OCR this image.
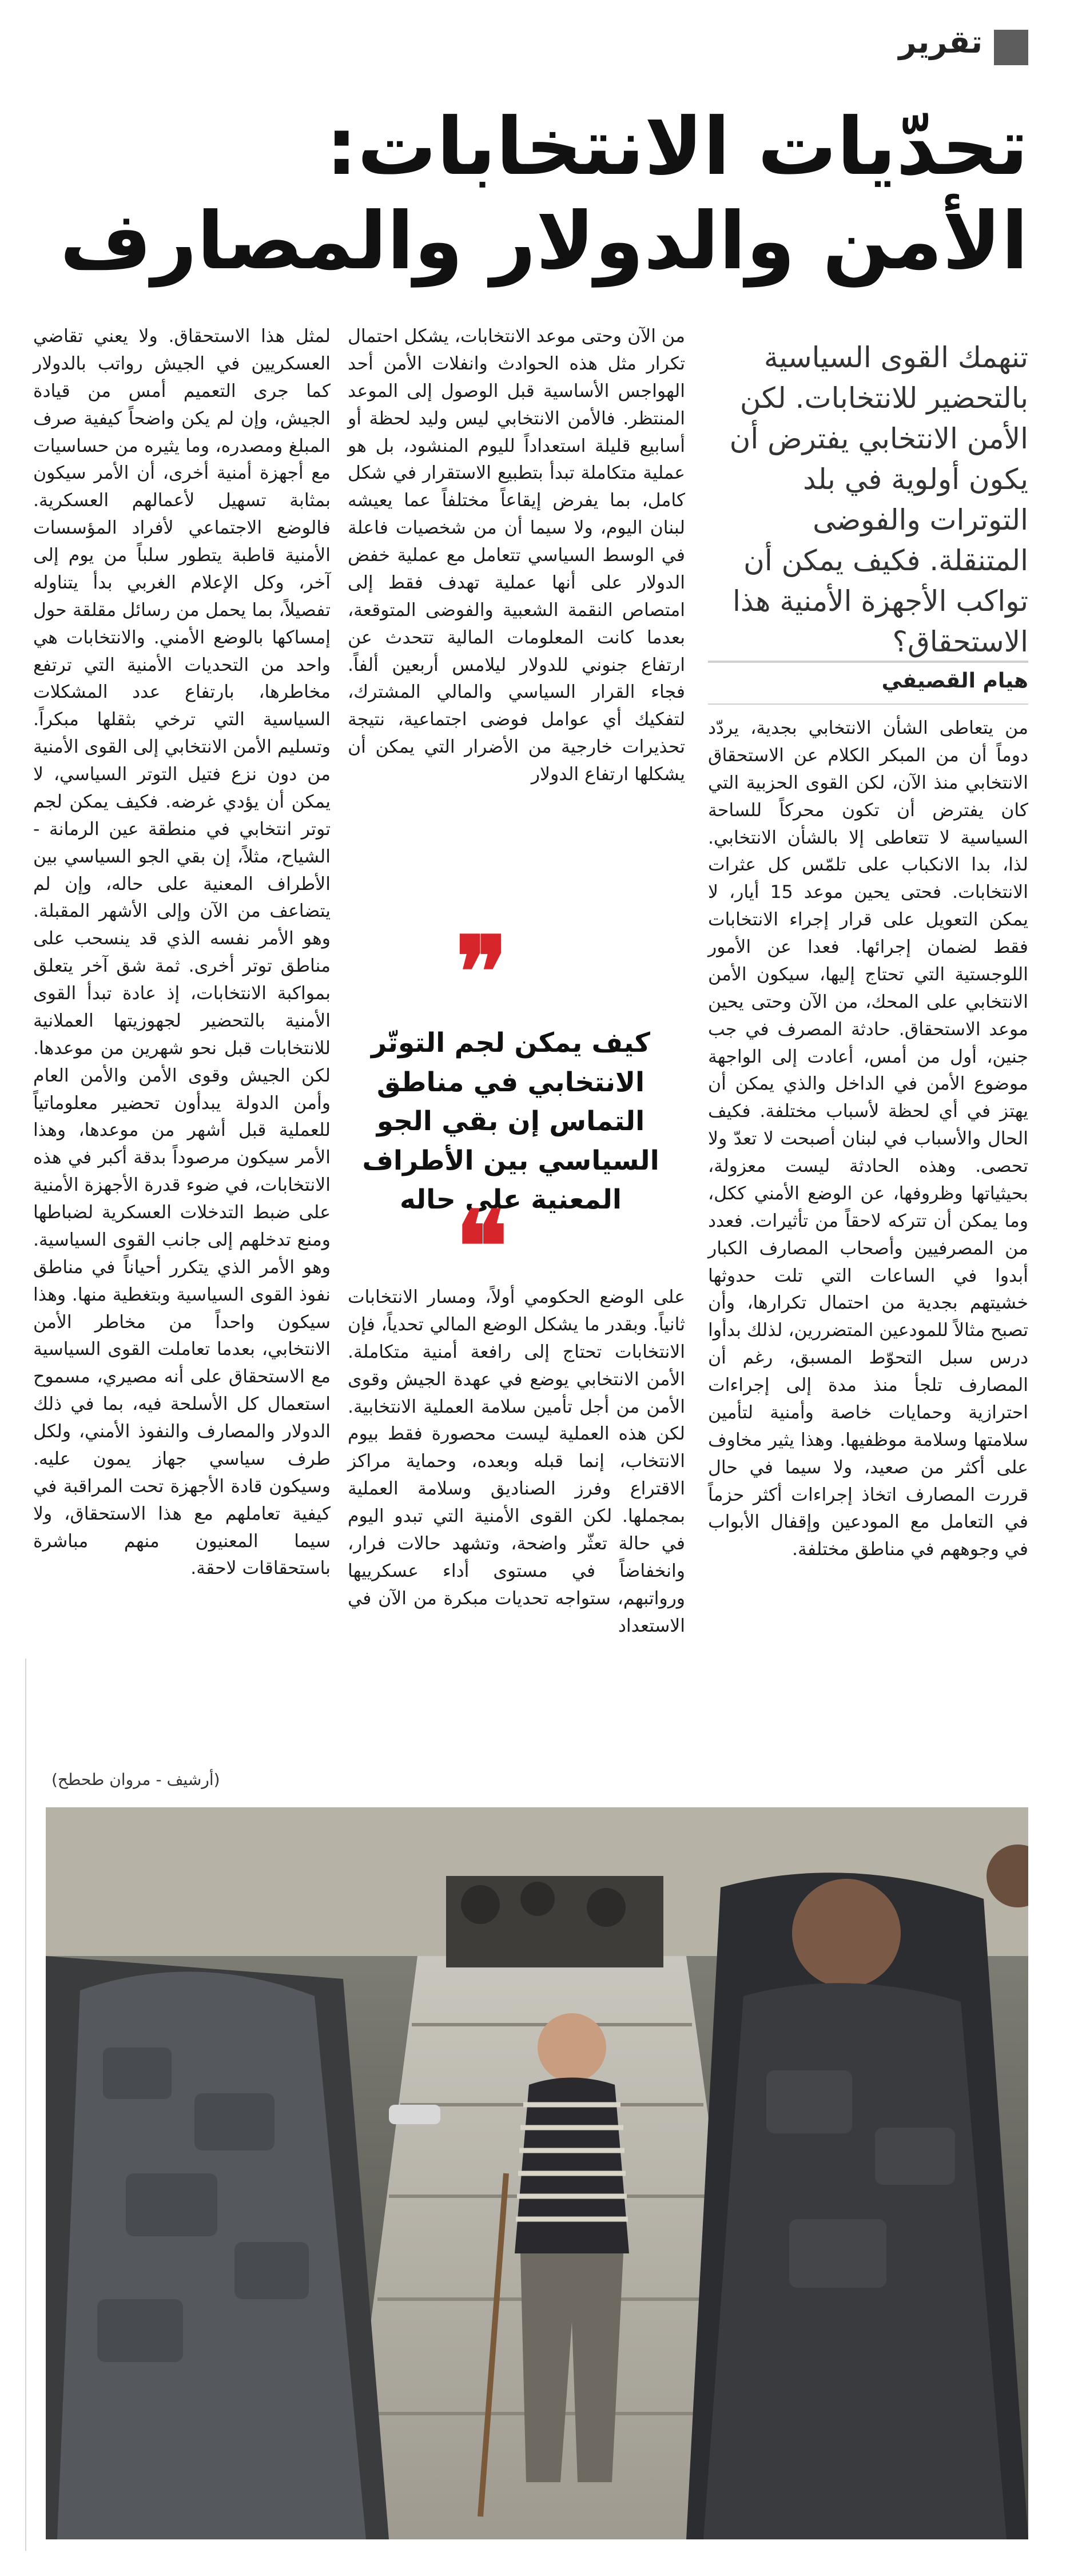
تقرير
تحدّيات الانتخابات:
الأمن والدولار والمصارف
تنهمك القوى السياسية بالتحضير للانتخابات. لكن الأمن الانتخابي يفترض أن يكون أولوية في بلد التوترات والفوضى المتنقلة. فكيف يمكن أن تواكب الأجهزة الأمنية هذا الاستحقاق؟
هيام القصيفي

من يتعاطى الشأن الانتخابي بجدية، يردّد دوماً أن من المبكر الكلام عن الاستحقاق الانتخابي منذ الآن، لكن القوى الحزبية التي كان يفترض أن تكون محركاً للساحة السياسية لا تتعاطى إلا بالشأن الانتخابي. لذا، بدا الانكباب على تلمّس كل عثرات الانتخابات. فحتى يحين موعد 15 أيار، لا يمكن التعويل على قرار إجراء الانتخابات فقط لضمان إجرائها. فعدا عن الأمور اللوجستية التي تحتاج إليها، سيكون الأمن الانتخابي على المحك، من الآن وحتى يحين موعد الاستحقاق. حادثة المصرف في جب جنين، أول من أمس، أعادت إلى الواجهة موضوع الأمن في الداخل والذي يمكن أن يهتز في أي لحظة لأسباب مختلفة. فكيف الحال والأسباب في لبنان أصبحت لا تعدّ ولا تحصى. وهذه الحادثة ليست معزولة، بحيثياتها وظروفها، عن الوضع الأمني ككل، وما يمكن أن تتركه لاحقاً من تأثيرات. فعدد من المصرفيين وأصحاب المصارف الكبار أبدوا في الساعات التي تلت حدوثها خشيتهم بجدية من احتمال تكرارها، وأن تصبح مثالاً للمودعين المتضررين، لذلك بدأوا درس سبل التحوّط المسبق، رغم أن المصارف تلجأ منذ مدة إلى إجراءات احترازية وحمايات خاصة وأمنية لتأمين سلامتها وسلامة موظفيها. وهذا يثير مخاوف على أكثر من صعيد، ولا سيما في حال قررت المصارف اتخاذ إجراءات أكثر حزماً في التعامل مع المودعين وإقفال الأبواب في وجوههم في مناطق مختلفة.

من الآن وحتى موعد الانتخابات، يشكل احتمال تكرار مثل هذه الحوادث وانفلات الأمن أحد الهواجس الأساسية قبل الوصول إلى الموعد المنتظر. فالأمن الانتخابي ليس وليد لحظة أو أسابيع قليلة استعداداً لليوم المنشود، بل هو عملية متكاملة تبدأ بتطبيع الاستقرار في شكل كامل، بما يفرض إيقاعاً مختلفاً عما يعيشه لبنان اليوم، ولا سيما أن من شخصيات فاعلة في الوسط السياسي تتعامل مع عملية خفض الدولار على أنها عملية تهدف فقط إلى امتصاص النقمة الشعبية والفوضى المتوقعة، بعدما كانت المعلومات المالية تتحدث عن ارتفاع جنوني للدولار ليلامس أربعين ألفاً. فجاء القرار السياسي والمالي المشترك، لتفكيك أي عوامل فوضى اجتماعية، نتيجة تحذيرات خارجية من الأضرار التي يمكن أن يشكلها ارتفاع الدولار

❞
كيف يمكن لجم التوتّر الانتخابي في مناطق التماس إن بقي الجو السياسي بين الأطراف المعنية على حاله
❝

على الوضع الحكومي أولاً، ومسار الانتخابات ثانياً. وبقدر ما يشكل الوضع المالي تحدياً، فإن الانتخابات تحتاج إلى رافعة أمنية متكاملة. الأمن الانتخابي يوضع في عهدة الجيش وقوى الأمن من أجل تأمين سلامة العملية الانتخابية. لكن هذه العملية ليست محصورة فقط بيوم الانتخاب، إنما قبله وبعده، وحماية مراكز الاقتراع وفرز الصناديق وسلامة العملية بمجملها. لكن القوى الأمنية التي تبدو اليوم في حالة تعثّر واضحة، وتشهد حالات فرار، وانخفاضاً في مستوى أداء عسكرييها ورواتبهم، ستواجه تحديات مبكرة من الآن في الاستعداد

لمثل هذا الاستحقاق. ولا يعني تقاضي العسكريين في الجيش رواتب بالدولار كما جرى التعميم أمس من قيادة الجيش، وإن لم يكن واضحاً كيفية صرف المبلغ ومصدره، وما يثيره من حساسيات مع أجهزة أمنية أخرى، أن الأمر سيكون بمثابة تسهيل لأعمالهم العسكرية. فالوضع الاجتماعي لأفراد المؤسسات الأمنية قاطبة يتطور سلباً من يوم إلى آخر، وكل الإعلام الغربي بدأ يتناوله تفصيلاً، بما يحمل من رسائل مقلقة حول إمساكها بالوضع الأمني. والانتخابات هي واحد من التحديات الأمنية التي ترتفع مخاطرها، بارتفاع عدد المشكلات السياسية التي ترخي بثقلها مبكراً. وتسليم الأمن الانتخابي إلى القوى الأمنية من دون نزع فتيل التوتر السياسي، لا يمكن أن يؤدي غرضه. فكيف يمكن لجم توتر انتخابي في منطقة عين الرمانة - الشياح، مثلاً، إن بقي الجو السياسي بين الأطراف المعنية على حاله، وإن لم يتضاعف من الآن وإلى الأشهر المقبلة. وهو الأمر نفسه الذي قد ينسحب على مناطق توتر أخرى. ثمة شق آخر يتعلق بمواكبة الانتخابات، إذ عادة تبدأ القوى الأمنية بالتحضير لجهوزيتها العملانية للانتخابات قبل نحو شهرين من موعدها. لكن الجيش وقوى الأمن والأمن العام وأمن الدولة يبدأون تحضير معلوماتياً للعملية قبل أشهر من موعدها، وهذا الأمر سيكون مرصوداً بدقة أكبر في هذه الانتخابات، في ضوء قدرة الأجهزة الأمنية على ضبط التدخلات العسكرية لضباطها ومنع تدخلهم إلى جانب القوى السياسية. وهو الأمر الذي يتكرر أحياناً في مناطق نفوذ القوى السياسية وبتغطية منها. وهذا سيكون واحداً من مخاطر الأمن الانتخابي، بعدما تعاملت القوى السياسية مع الاستحقاق على أنه مصيري، مسموح استعمال كل الأسلحة فيه، بما في ذلك الدولار والمصارف والنفوذ الأمني، ولكل طرف سياسي جهاز يمون عليه. وسيكون قادة الأجهزة تحت المراقبة في كيفية تعاملهم مع هذا الاستحقاق، ولا سيما المعنيون منهم مباشرة باستحقاقات لاحقة.

(أرشيف - مروان طحطح)
